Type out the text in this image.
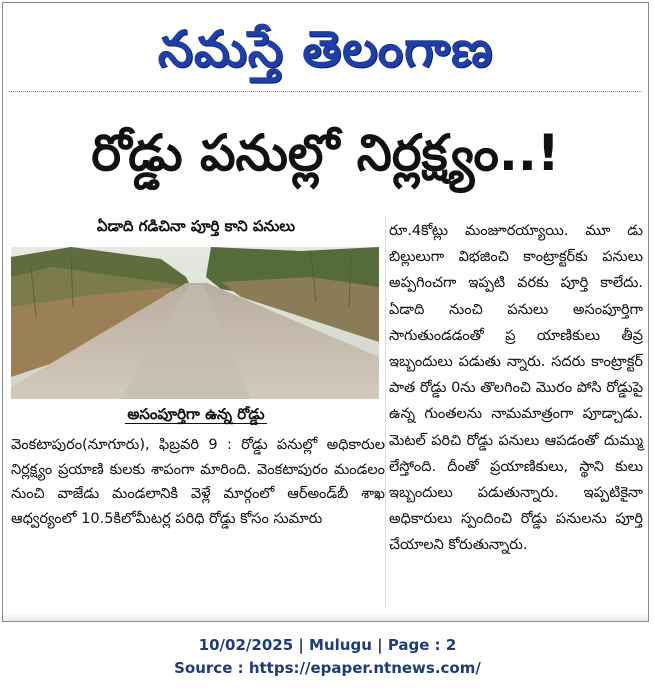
నమస్తే తెలంగాణ
రోడ్డు పనుల్లో నిర్లక్ష్యం..!
ఏడాది గడిచినా పూర్తి కాని పనులు
అసంపూర్తిగా ఉన్న రోడ్డు
వెంకటాపురం(నూగూరు), ఫిబ్రవరి 9 : రోడ్డు పనుల్లో అధికారుల నిర్లక్ష్యం ప్రయాణి కులకు శాపంగా మారింది. వెంకటాపురం మండలం నుంచి వాజేడు మండలానికి వెళ్లే మార్గంలో ఆర్‌అండ్‌బీ శాఖ ఆధ్వర్యంలో 10.5కిలోమీటర్ల పరిధి రోడ్డు కోసం సుమారు
రూ.4కోట్లు మంజూరయ్యాయి. మూ డు బిల్లులుగా విభజించి కాంట్రాక్టర్‌కు పనులు అప్పగించగా ఇప్పటి వరకు పూర్తి కాలేదు. ఏడాది నుంచి పనులు అసంపూర్తిగా సాగుతుండడంతో ప్ర యాణికులు తీవ్ర ఇబ్బందులు పడుతు న్నారు. సదరు కాంట్రాక్టర్ పాత రోడ్డు 0ను తొలగించి మొరం పోసి రోడ్డుపై ఉన్న గుంతలను నామమాత్రంగా పూడ్చాడు. మెటల్ పరిచి రోడ్డు పనులు ఆపడంతో దుమ్ము లేస్తోంది. దీంతో ప్రయాణికులు, స్థాని కులు ఇబ్బందులు పడుతున్నారు. ఇప్పటికైనా అధికారులు స్పందించి రోడ్డు పనులను పూర్తి చేయాలని కోరుతున్నారు.
10/02/2025 | Mulugu | Page : 2
Source : https://epaper.ntnews.com/
